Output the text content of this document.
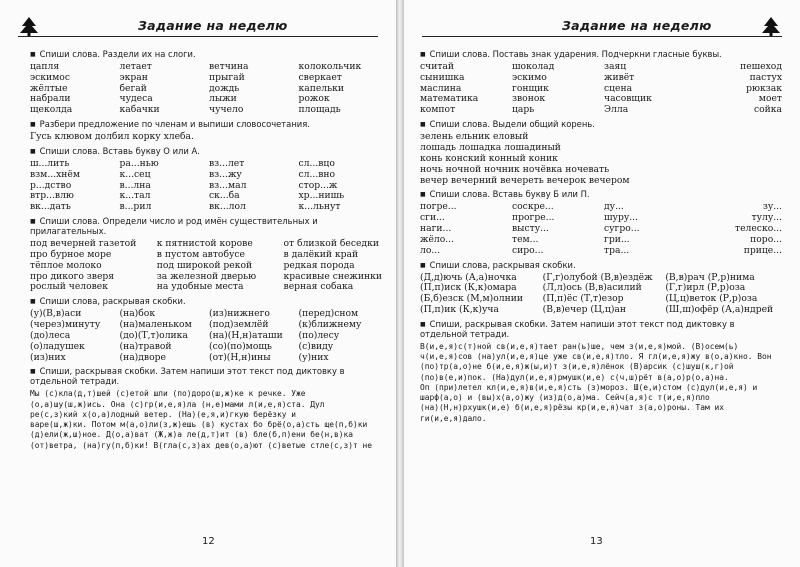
Задание на неделю
■ Спиши слова. Раздели их на слоги.
цапля	летает	ветчина	колокольчик
эскимос	экран	прыгай	сверкает
жёлтые	бегай	дождь	капельки
набрали	чудеса	лыжи	рожок
щеколда	кабачки	чучело	площадь
■ Разбери предложение по членам и выпиши словосочетания.
Гусь клювом долбил корку хлеба.
■ Спиши слова. Вставь букву О или А.
ш...лить	ра...нью	вз...лет	сл...вцо
взм...хнём	к...сец	вз...жу	сл...вно
р...дство	в...лна	вз...мал	стор...ж
втр...влю	к...тал	ск...ба	хр...нишь
вк...дать	в...рил	вк...лол	к...льнут
■ Спиши слова. Определи число и род имён существительных и прилагательных.
под вечерней газетой	к пятнистой корове	от близкой беседки
про бурное море	в пустом автобусе	в далёкий край
тёплое молоко	под широкой рекой	редкая порода
про дикого зверя	за железной дверью	красивые снежинки
рослый человек	на удобные места	верная собака
■ Спиши слова, раскрывая скобки.
(у)(В,в)аси	(на)бок	(из)нижнего	(перед)сном
(через)минуту	(на)маленьком	(под)землёй	(к)ближнему
(до)леса	(до)(Т,т)олика	(на)(Н,н)аташи	(по)лесу
(о)ладушек	(на)травой	(со)(по)мощь	(с)виду
(из)них	(на)дворе	(от)(Н,н)ины	(у)них
■ Спиши, раскрывая скобки. Затем напиши этот текст под диктовку в отдельной тетради.
Мы (с)кла(д,т)шей (с)етой шли (по)доро(ш,ж)ке к речке. Уже
(о,а)шу(ш,ж)ись. Она (с)гр(и,е,я)ла (н,е)мами л(и,е,я)ста. Дул
ре(с,з)кий х(о,а)лодный ветер. (На)(е,я,и)гкую берёзку и
варе(ш,ж)ки. Потом м(а,о)ли(з,ж)ешь (в) кустах бо брё(о,а)сть ще(п,б)ки
(д)ели(ж,ш)ное. Д(о,а)ват (Ж,ж)а ле(д,т)ит (в) бле(б,п)ени бе(н,в)ка
(от)ветра, (на)гу(п,б)ки! В(гла(с,з)ах дев(о,а)ют (с)ветые стле(с,з)т не
12
Задание на неделю
■ Спиши слова. Поставь знак ударения. Подчеркни гласные буквы.
считай	шоколад	заяц	пешеход
сынишка	эскимо	живёт	пастух
маслина	гонщик	сцена	рюкзак
математика	звонок	часовщик	моет
компот	царь	Элла	сойка
■ Спиши слова. Выдели общий корень.
зелень ельник еловый
лошадь лошадка лошадиный
конь конский конный коник
ночь ночной ночник ночёвка ночевать
вечер вечерний вечереть вечерок вечером
■ Спиши слова. Вставь букву Б или П.
погре...	соскре...	ду...	зу...
сги...	прогре...	шуру...	тулу...
наги...	высту...	сугро...	телеско...
жёло...	тем...	гри...	поро...
ло...	сиро...	тра...	прице...
■ Спиши слова, раскрывая скобки.
(Д,д)ючь (А,а)ночка	(Г,г)олубой (В,в)ездёж	(В,в)рач (Р,р)нима
(П,п)иск (К,к)омара	(Л,л)ось (В,в)асилий	(Г,г)ирл (Р,р)оза
(Б,б)езск (М,м)олнии	(П,п)ёс (Т,т)езор	(Ц,ц)веток (Р,р)оза
(П,п)ик (К,к)уча	(В,в)ечер (Ц,ц)ан	(Ш,ш)офёр (А,а)ндрей
■ Спиши, раскрывая скобки. Затем напиши этот текст под диктовку в отдельной тетради.
В(и,е,я)с(т)ной св(и,е,я)тает ран(ь)ше, чем з(и,е,я)мой. (В)осем(ь)
ч(и,е,я)сов (на)ул(и,е,я)це уже св(и,е,я)тло. Я гл(и,е,я)жу в(о,а)кно. Вон
(по)тр(а,о)не б(и,е,я)ж(ы,и)т з(и,е,я)лёнок (В)арсик (с)шуш(к,г)ой
(по)в(е,и)пок. (На)дул(и,е,я)рмушк(и,е) с(ч,ш)рёт в(а,о)р(о,а)на.
Оп (при)летел кл(и,е,я)в(и,е,я)сть (з)мороз. Ш(е,и)стом (с)дул(и,е,я) и
шарф(а,о) и (вы)х(а,о)жу (из)д(о,а)ма. Сейч(а,я)с т(и,е,я)пло
(на)(Н,н)рхушк(и,е) б(и,е,я)рёзы кр(и,е,я)чат з(а,о)роны. Там их
ги(и,е,я)дало.
13
